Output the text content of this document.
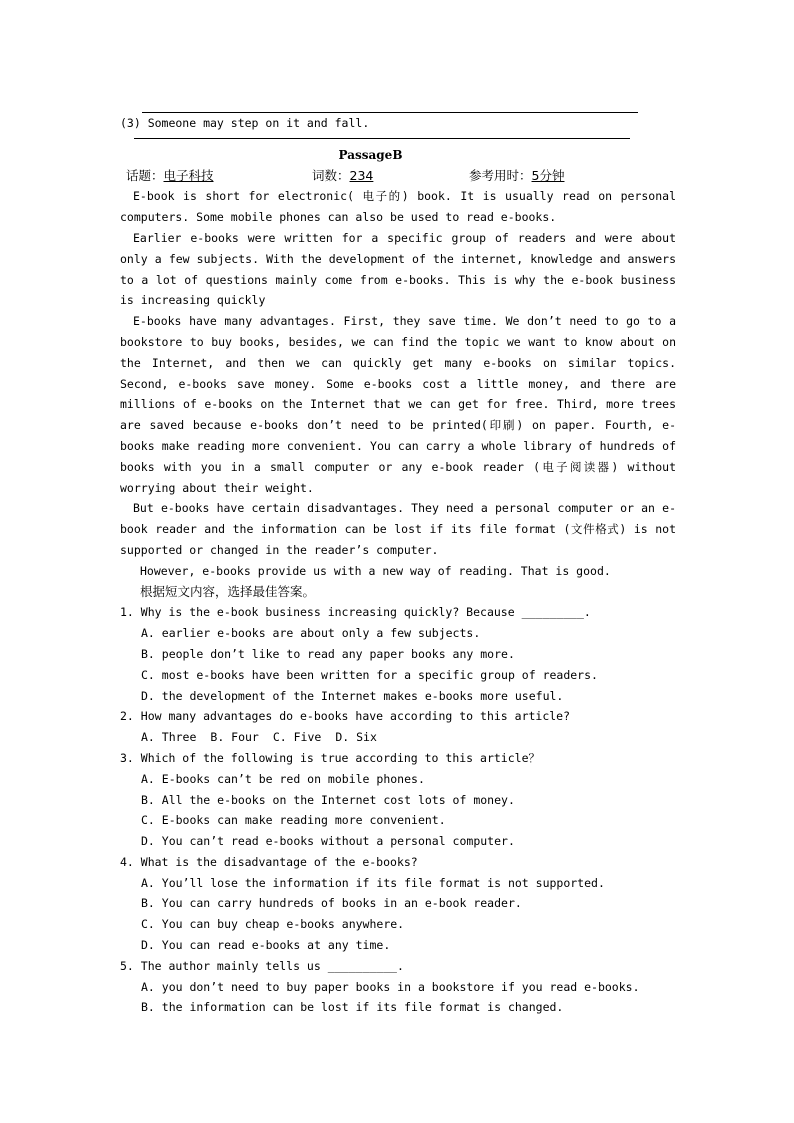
(3) Someone may step on it and fall.
PassageB
话题：电子科技	词数：234	参考用时：5分钟

E-book is short for electronic( 电子的) book. It is usually read on personal computers. Some mobile phones can also be used to read e-books.

Earlier e-books were written for a specific group of readers and were about only a few subjects. With the development of the internet, knowledge and answers to a lot of questions mainly come from e-books. This is why the e-book business is increasing quickly

E-books have many advantages. First, they save time. We don’t need to go to a bookstore to buy books, besides, we can find the topic we want to know about on the Internet, and then we can quickly get many e-books on similar topics. Second, e-books save money. Some e-books cost a little money, and there are millions of e-books on the Internet that we can get for free. Third, more trees are saved because e-books don’t need to be printed(印刷) on paper. Fourth, e-books make reading more convenient. You can carry a whole library of hundreds of books with you in a small computer or any e-book reader (电子阅读器) without worrying about their weight.

But e-books have certain disadvantages. They need a personal computer or an e-book reader and the information can be lost if its file format (文件格式) is not supported or changed in the reader’s computer.

However, e-books provide us with a new way of reading. That is good.

根据短文内容，选择最佳答案。
1. Why is the e-book business increasing quickly? Because _________.
A. earlier e-books are about only a few subjects.
B. people don’t like to read any paper books any more.
C. most e-books have been written for a specific group of readers.
D. the development of the Internet makes e-books more useful.
2. How many advantages do e-books have according to this article?
A. Three B. Four C. Five D. Six
3. Which of the following is true according to this article？
A. E-books can’t be red on mobile phones.
B. All the e-books on the Internet cost lots of money.
C. E-books can make reading more convenient.
D. You can’t read e-books without a personal computer.
4. What is the disadvantage of the e-books?
A. You’ll lose the information if its file format is not supported.
B. You can carry hundreds of books in an e-book reader.
C. You can buy cheap e-books anywhere.
D. You can read e-books at any time.
5. The author mainly tells us __________.
A. you don’t need to buy paper books in a bookstore if you read e-books.
B. the information can be lost if its file format is changed.
